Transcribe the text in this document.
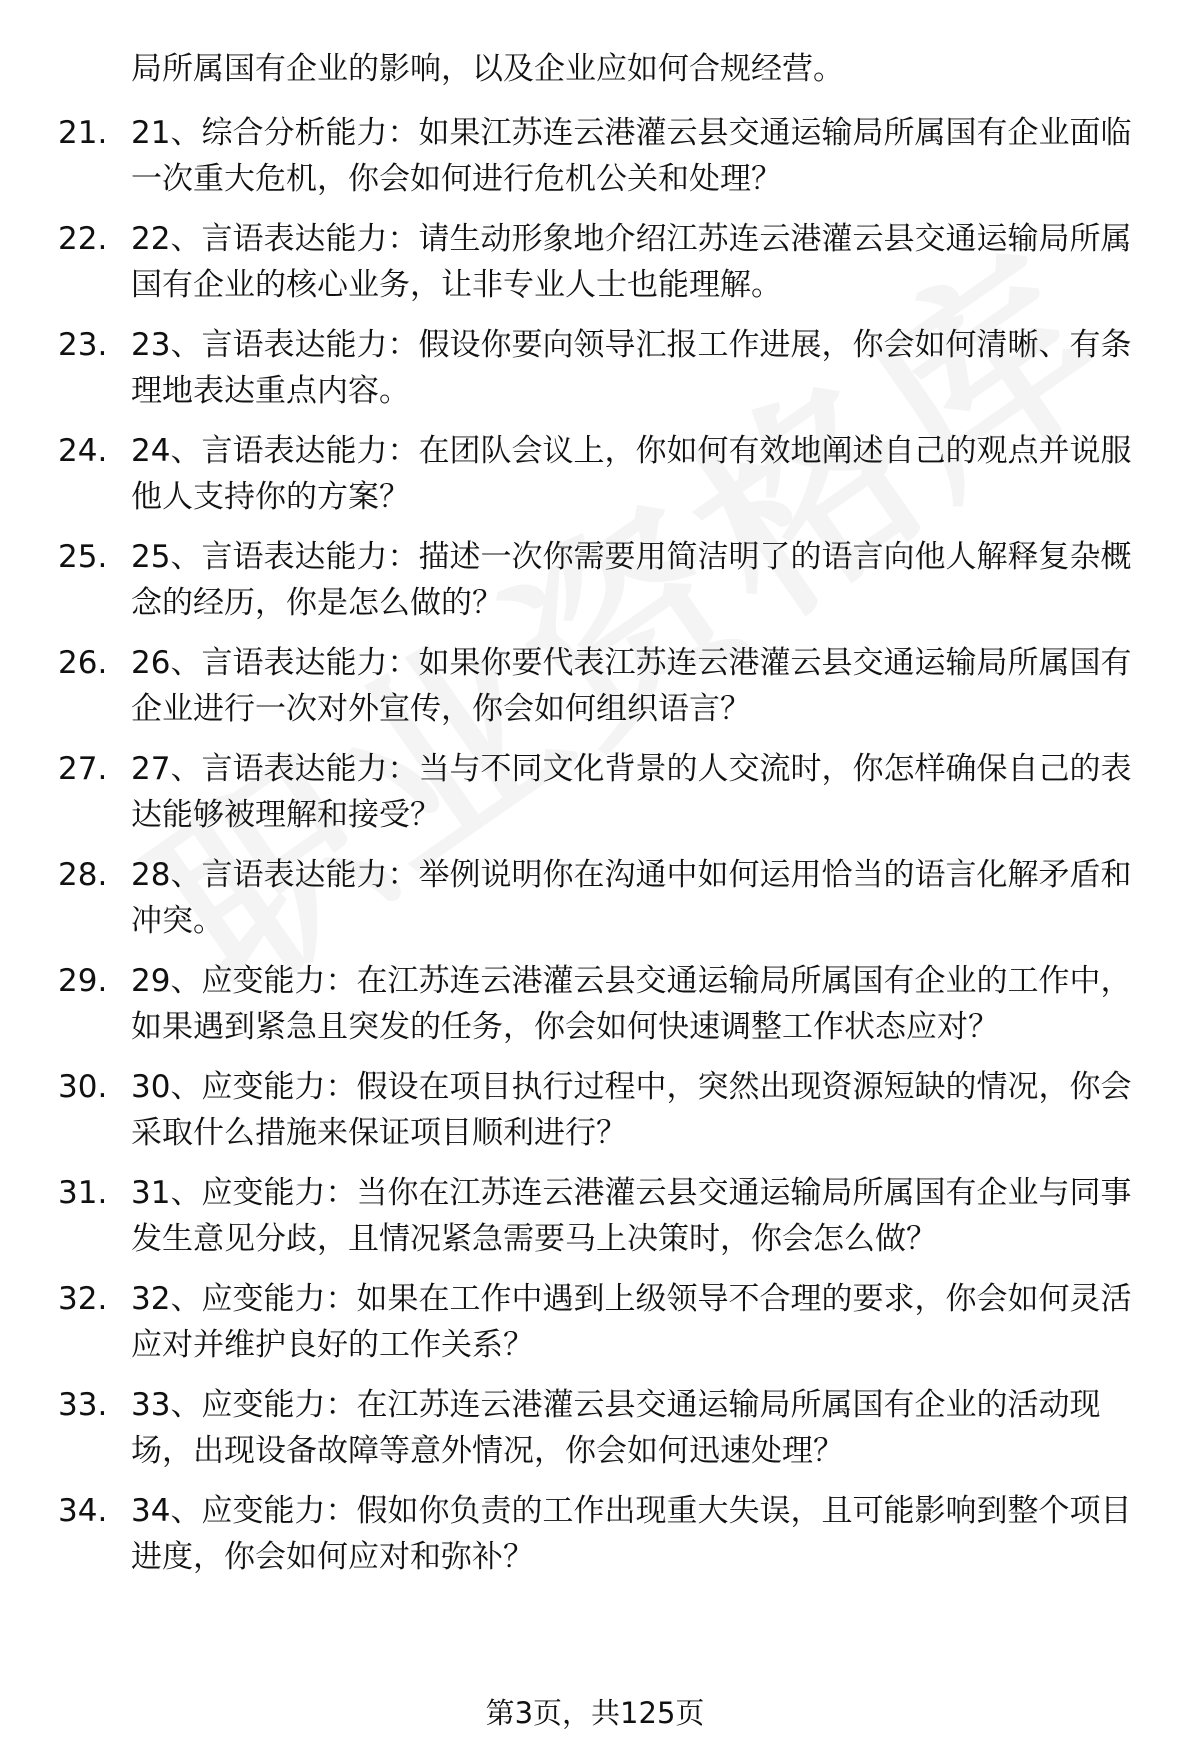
局所属国有企业的影响，以及企业应如何合规经营。
21. 21、综合分析能力：如果江苏连云港灌云县交通运输局所属国有企业面临一次重大危机，你会如何进行危机公关和处理？
22. 22、言语表达能力：请生动形象地介绍江苏连云港灌云县交通运输局所属国有企业的核心业务，让非专业人士也能理解。
23. 23、言语表达能力：假设你要向领导汇报工作进展，你会如何清晰、有条理地表达重点内容。
24. 24、言语表达能力：在团队会议上，你如何有效地阐述自己的观点并说服他人支持你的方案？
25. 25、言语表达能力：描述一次你需要用简洁明了的语言向他人解释复杂概念的经历，你是怎么做的？
26. 26、言语表达能力：如果你要代表江苏连云港灌云县交通运输局所属国有企业进行一次对外宣传，你会如何组织语言？
27. 27、言语表达能力：当与不同文化背景的人交流时，你怎样确保自己的表达能够被理解和接受？
28. 28、言语表达能力：举例说明你在沟通中如何运用恰当的语言化解矛盾和冲突。
29. 29、应变能力：在江苏连云港灌云县交通运输局所属国有企业的工作中，如果遇到紧急且突发的任务，你会如何快速调整工作状态应对？
30. 30、应变能力：假设在项目执行过程中，突然出现资源短缺的情况，你会采取什么措施来保证项目顺利进行？
31. 31、应变能力：当你在江苏连云港灌云县交通运输局所属国有企业与同事发生意见分歧，且情况紧急需要马上决策时，你会怎么做？
32. 32、应变能力：如果在工作中遇到上级领导不合理的要求，你会如何灵活应对并维护良好的工作关系？
33. 33、应变能力：在江苏连云港灌云县交通运输局所属国有企业的活动现场，出现设备故障等意外情况，你会如何迅速处理？
34. 34、应变能力：假如你负责的工作出现重大失误，且可能影响到整个项目进度，你会如何应对和弥补？
第3页，共125页
